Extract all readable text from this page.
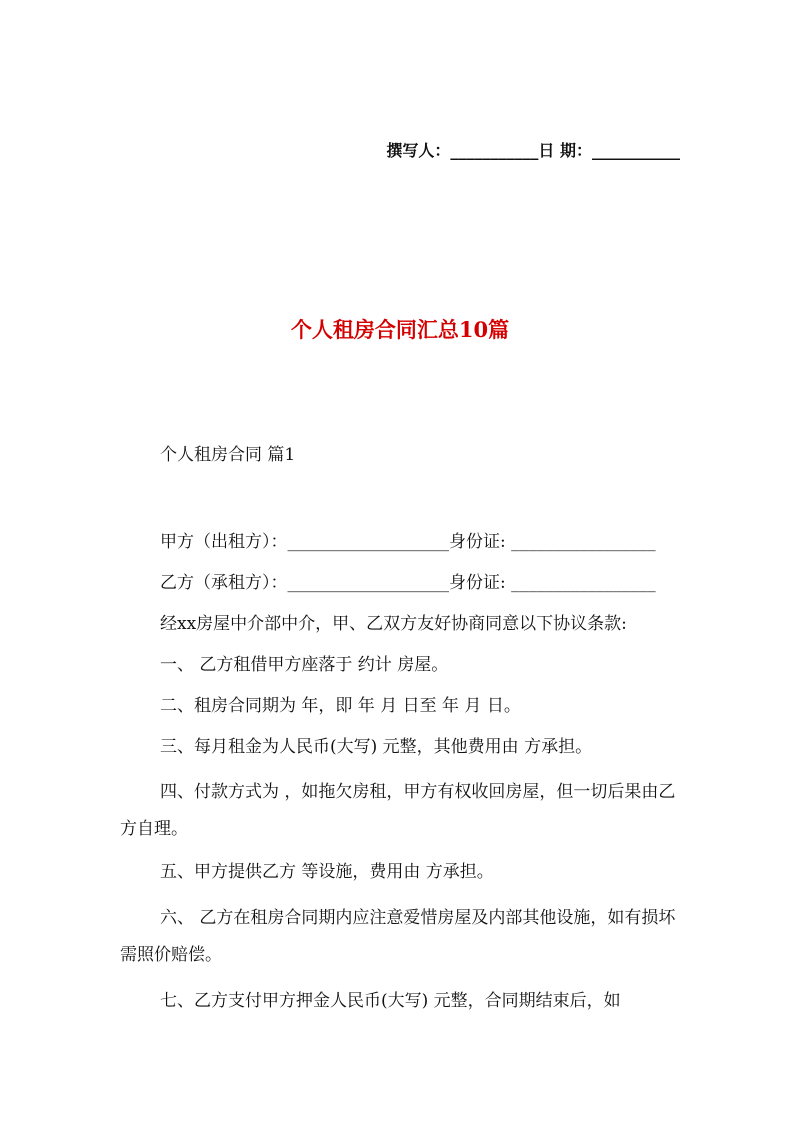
撰写人：___________日 期：___________
个人租房合同汇总10篇
个人租房合同 篇1
甲方（出租方）：___________________身份证: _________________
乙方（承租方）：___________________身份证: _________________
经xx房屋中介部中介，甲、乙双方友好协商同意以下协议条款:
一、 乙方租借甲方座落于 约计 房屋。
二、租房合同期为 年，即 年 月 日至 年 月 日。
三、每月租金为人民币(大写) 元整，其他费用由 方承担。
四、付款方式为 ，如拖欠房租，甲方有权收回房屋，但一切后果由乙方自理。
五、甲方提供乙方 等设施，费用由 方承担。
六、 乙方在租房合同期内应注意爱惜房屋及内部其他设施，如有损坏需照价赔偿。
七、乙方支付甲方押金人民币(大写) 元整，合同期结束后，如
